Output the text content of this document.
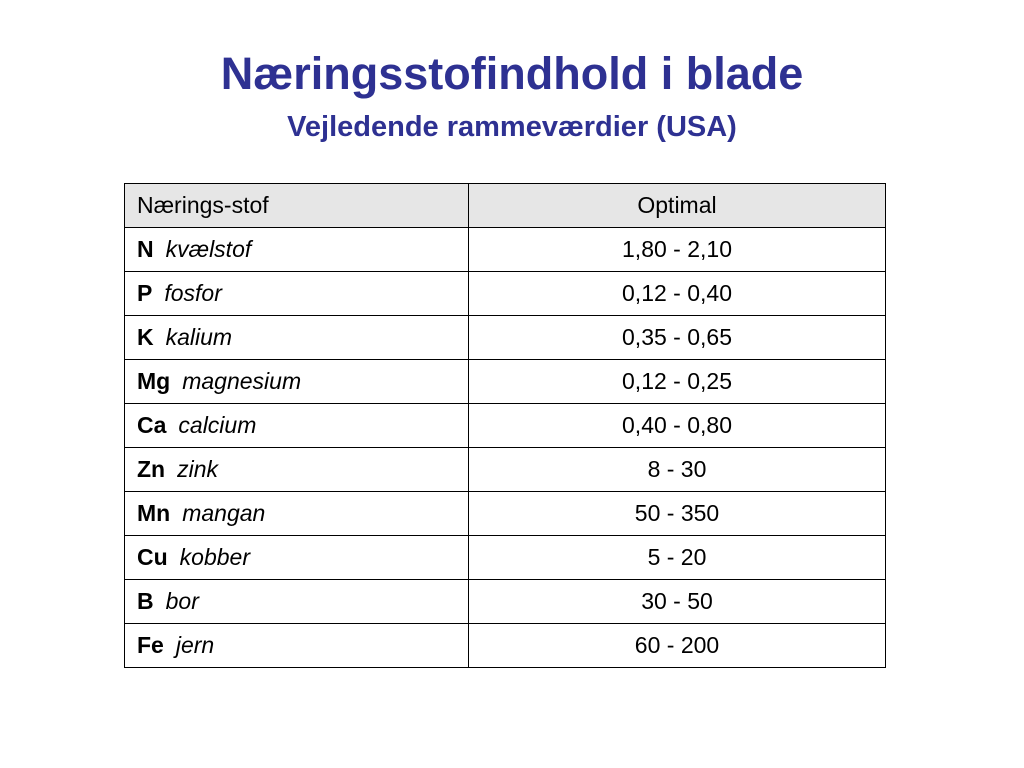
Næringsstofindhold i blade
Vejledende rammeværdier (USA)
Nærings-stof	Optimal
N kvælstof	1,80 - 2,10
P fosfor	0,12 - 0,40
K kalium	0,35 - 0,65
Mg magnesium	0,12 - 0,25
Ca calcium	0,40 - 0,80
Zn zink	8 - 30
Mn mangan	50 - 350
Cu kobber	5 - 20
B bor	30 - 50
Fe jern	60 - 200
